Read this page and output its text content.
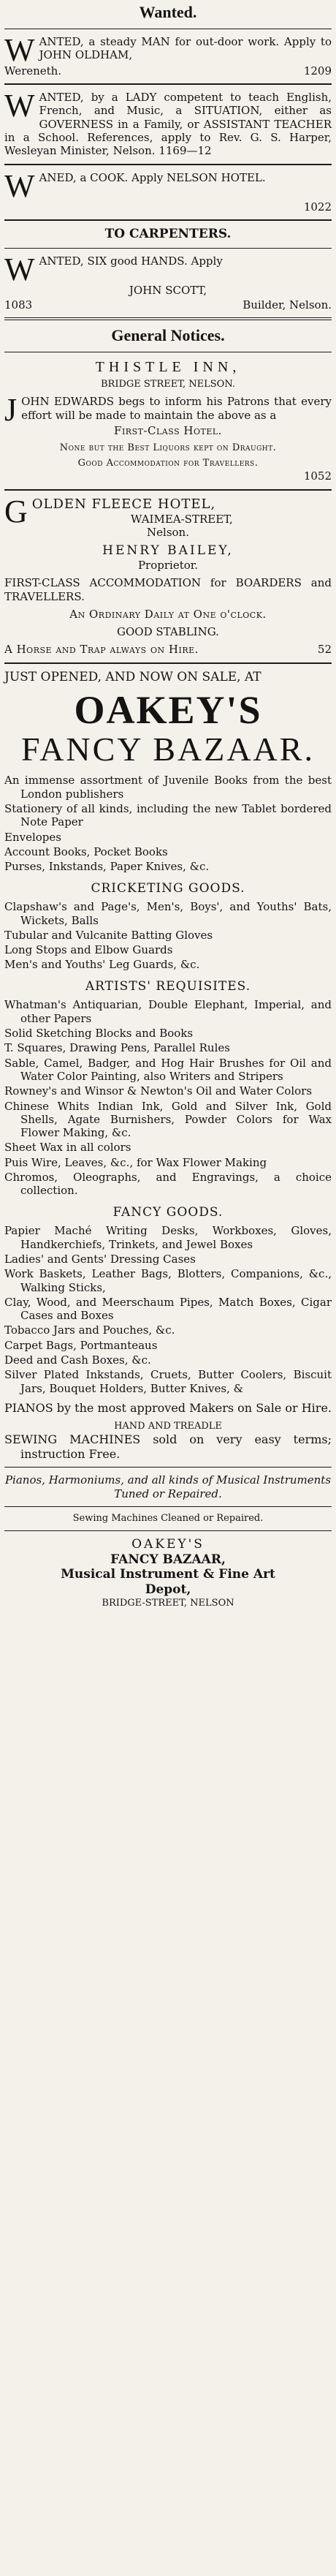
Wanted.
W ANTED, a steady MAN for out-door work. Apply to JOHN OLDHAM,
Wereneth.	1209
W ANTED, by a LADY competent to teach English, French, and Music, a SITUATION, either as GOVERNESS in a Family, or ASSISTANT TEACHER in a School. References, apply to Rev. G. S. Harper, Wesleyan Minister, Nelson. 1169—12
W ANED, a COOK. Apply NELSON HOTEL.
1022
TO CARPENTERS.
W ANTED, SIX good HANDS. Apply
JOHN SCOTT,
1083	Builder, Nelson.
General Notices.
THISTLE INN,
BRIDGE STREET, NELSON.
J OHN EDWARDS begs to inform his Patrons that every effort will be made to maintain the above as a
First-Class Hotel.
None but the Best Liquors kept on Draught.
Good Accommodation for Travellers.
1052
G OLDEN FLEECE HOTEL,
WAIMEA-STREET,
Nelson.
HENRY BAILEY,
Proprietor.
FIRST-CLASS ACCOMMODATION for BOARDERS and TRAVELLERS.
An Ordinary Daily at One o'clock.
GOOD STABLING.
A Horse and Trap always on Hire.	52
JUST OPENED, AND NOW ON SALE, AT
OAKEY'S
FANCY BAZAAR.
An immense assortment of Juvenile Books from the best London publishers
Stationery of all kinds, including the new Tablet bordered Note Paper
Envelopes
Account Books, Pocket Books
Purses, Inkstands, Paper Knives, &c.
CRICKETING GOODS.
Clapshaw's and Page's, Men's, Boys', and Youths' Bats, Wickets, Balls
Tubular and Vulcanite Batting Gloves
Long Stops and Elbow Guards
Men's and Youths' Leg Guards, &c.
ARTISTS' REQUISITES.
Whatman's Antiquarian, Double Elephant, Imperial, and other Papers
Solid Sketching Blocks and Books
T. Squares, Drawing Pens, Parallel Rules
Sable, Camel, Badger, and Hog Hair Brushes for Oil and Water Color Painting, also Writers and Stripers
Rowney's and Winsor & Newton's Oil and Water Colors
Chinese Whits Indian Ink, Gold and Silver Ink, Gold Shells, Agate Burnishers, Powder Colors for Wax Flower Making, &c.
Sheet Wax in all colors
Puis Wire, Leaves, &c., for Wax Flower Making
Chromos, Oleographs, and Engravings, a choice collection.
FANCY GOODS.
Papier Maché Writing Desks, Workboxes, Gloves, Handkerchiefs, Trinkets, and Jewel Boxes
Ladies' and Gents' Dressing Cases
Work Baskets, Leather Bags, Blotters, Companions, &c., Walking Sticks,
Clay, Wood, and Meerschaum Pipes, Match Boxes, Cigar Cases and Boxes
Tobacco Jars and Pouches, &c.
Carpet Bags, Portmanteaus
Deed and Cash Boxes, &c.
Silver Plated Inkstands, Cruets, Butter Coolers, Biscuit Jars, Bouquet Holders, Butter Knives, &
PIANOS by the most approved Makers on Sale or Hire.
HAND AND TREADLE
SEWING MACHINES sold on very easy terms; instruction Free.
Pianos, Harmoniums, and all kinds of Musical Instruments Tuned or Repaired.
Sewing Machines Cleaned or Repaired.
OAKEY'S
FANCY BAZAAR,
Musical Instrument & Fine Art
Depot,
BRIDGE-STREET, NELSON
